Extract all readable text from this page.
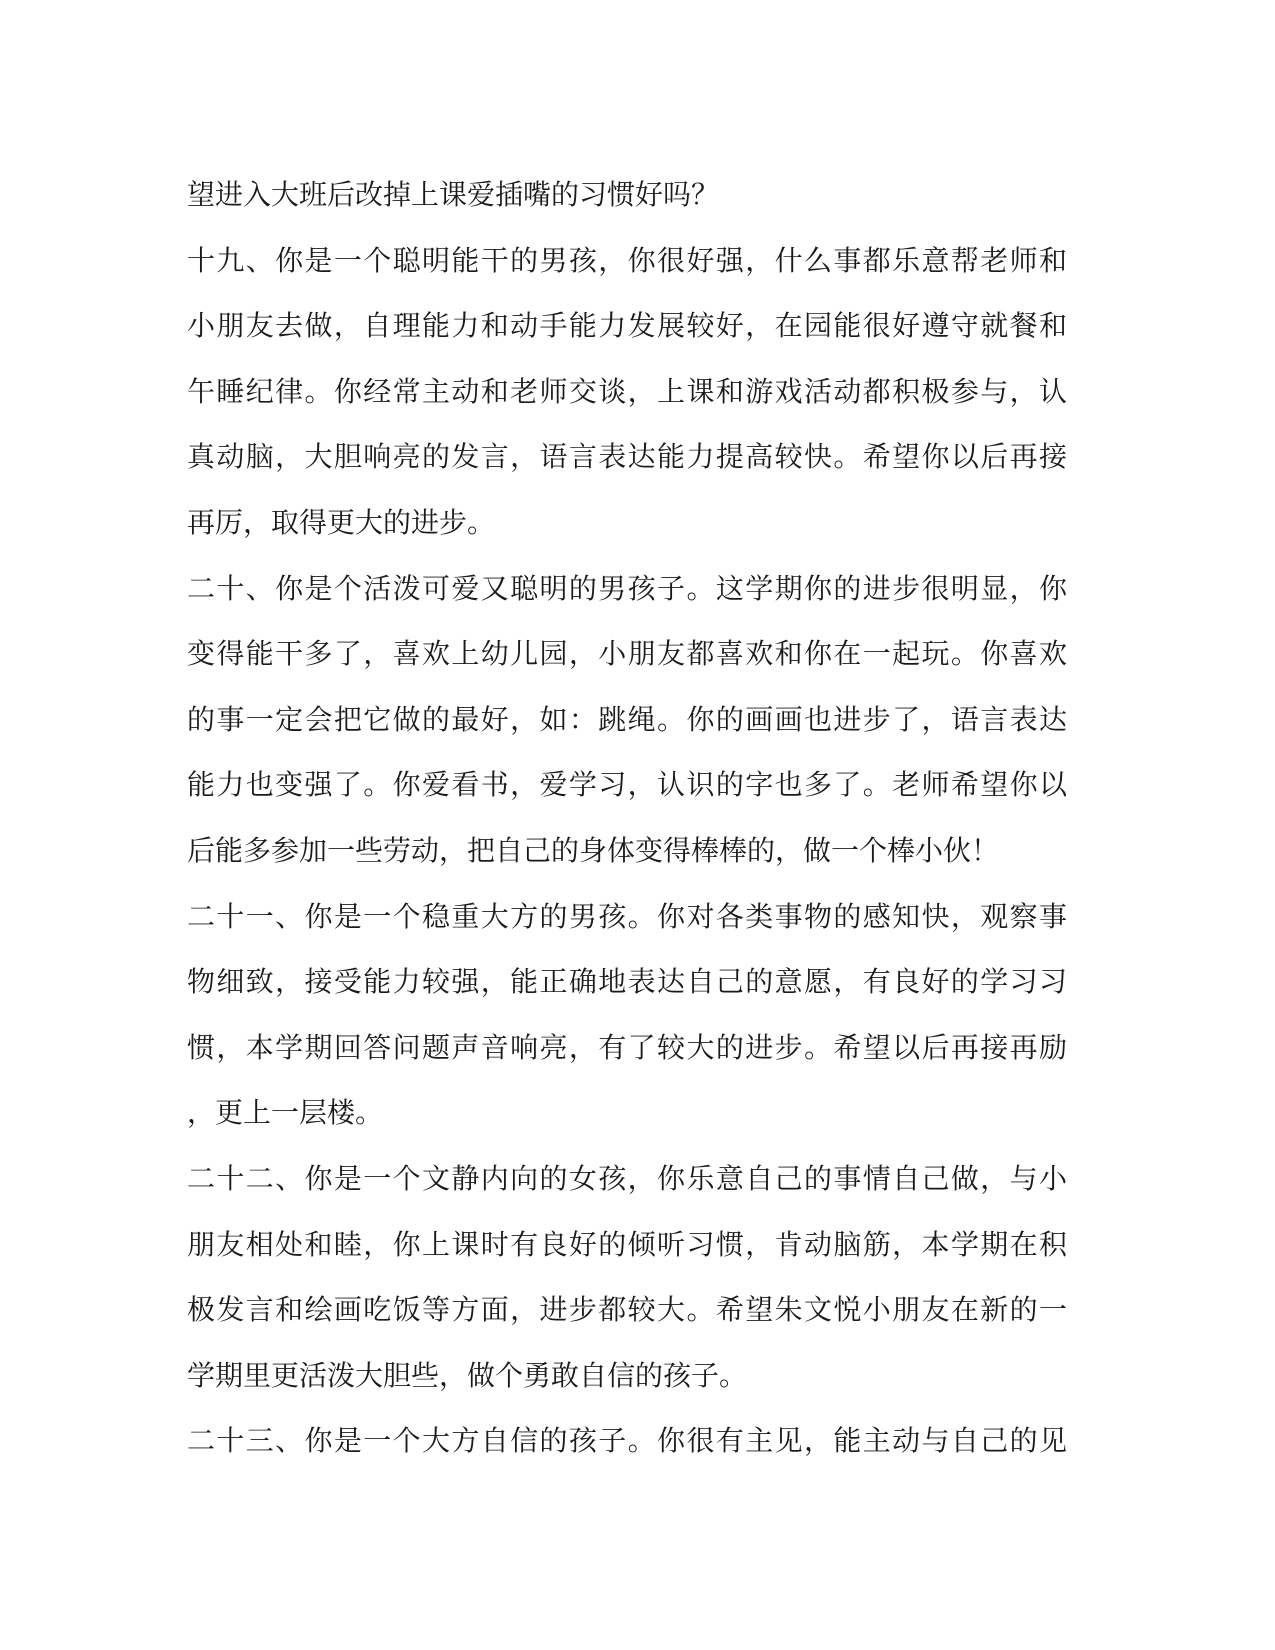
望进入大班后改掉上课爱插嘴的习惯好吗？
十九、你是一个聪明能干的男孩，你很好强，什么事都乐意帮老师和
小朋友去做，自理能力和动手能力发展较好，在园能很好遵守就餐和
午睡纪律。你经常主动和老师交谈，上课和游戏活动都积极参与，认
真动脑，大胆响亮的发言，语言表达能力提高较快。希望你以后再接
再厉，取得更大的进步。
二十、你是个活泼可爱又聪明的男孩子。这学期你的进步很明显，你
变得能干多了，喜欢上幼儿园，小朋友都喜欢和你在一起玩。你喜欢
的事一定会把它做的最好，如：跳绳。你的画画也进步了，语言表达
能力也变强了。你爱看书，爱学习，认识的字也多了。老师希望你以
后能多参加一些劳动，把自己的身体变得棒棒的，做一个棒小伙！
二十一、你是一个稳重大方的男孩。你对各类事物的感知快，观察事
物细致，接受能力较强，能正确地表达自己的意愿，有良好的学习习
惯，本学期回答问题声音响亮，有了较大的进步。希望以后再接再励
，更上一层楼。
二十二、你是一个文静内向的女孩，你乐意自己的事情自己做，与小
朋友相处和睦，你上课时有良好的倾听习惯，肯动脑筋，本学期在积
极发言和绘画吃饭等方面，进步都较大。希望朱文悦小朋友在新的一
学期里更活泼大胆些，做个勇敢自信的孩子。
二十三、你是一个大方自信的孩子。你很有主见，能主动与自己的见
